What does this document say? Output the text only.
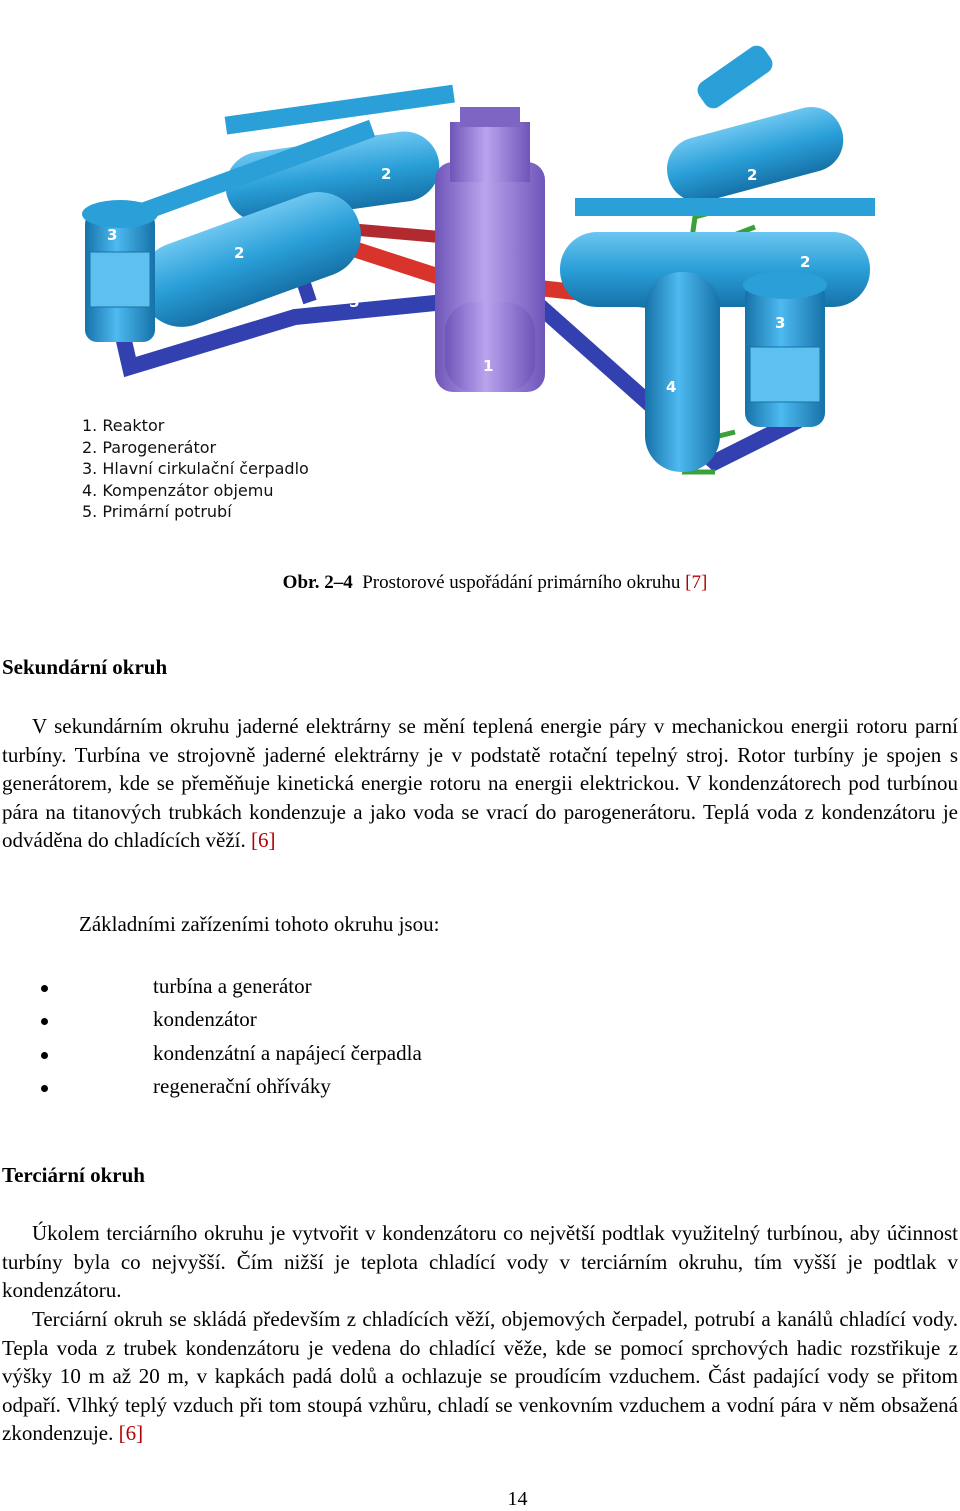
3
2
2
5
1
2
2
4
3
1. Reaktor
2. Parogenerátor
3. Hlavní cirkulační čerpadlo
4. Kompenzátor objemu
5. Primární potrubí
Obr. 2–4 Prostorové uspořádání primárního okruhu [7]
Sekundární okruh

V sekundárním okruhu jaderné elektrárny se mění teplená energie páry v mechanickou energii rotoru parní turbíny. Turbína ve strojovně jaderné elektrárny je v podstatě rotační tepelný stroj. Rotor turbíny je spojen s generátorem, kde se přeměňuje kinetická energie rotoru na energii elektrickou. V kondenzátorech pod turbínou pára na titanových trubkách kondenzuje a jako voda se vrací do parogenerátoru. Teplá voda z kondenzátoru je odváděna do chladících věží. [6]

Základními zařízeními tohoto okruhu jsou:

turbína a generátor
kondenzátor
kondenzátní a napájecí čerpadla
regenerační ohříváky
Terciární okruh

Úkolem terciárního okruhu je vytvořit v kondenzátoru co největší podtlak využitelný turbínou, aby účinnost turbíny byla co nejvyšší. Čím nižší je teplota chladící vody v terciárním okruhu, tím vyšší je podtlak v kondenzátoru.

Terciární okruh se skládá především z chladících věží, objemových čerpadel, potrubí a kanálů chladící vody. Tepla voda z trubek kondenzátoru je vedena do chladící věže, kde se pomocí sprchových hadic rozstřikuje z výšky 10 m až 20 m, v kapkách padá dolů a ochlazuje se proudícím vzduchem. Část padající vody se přitom odpaří. Vlhký teplý vzduch při tom stoupá vzhůru, chladí se venkovním vzduchem a vodní pára v něm obsažená zkondenzuje. [6]

14
